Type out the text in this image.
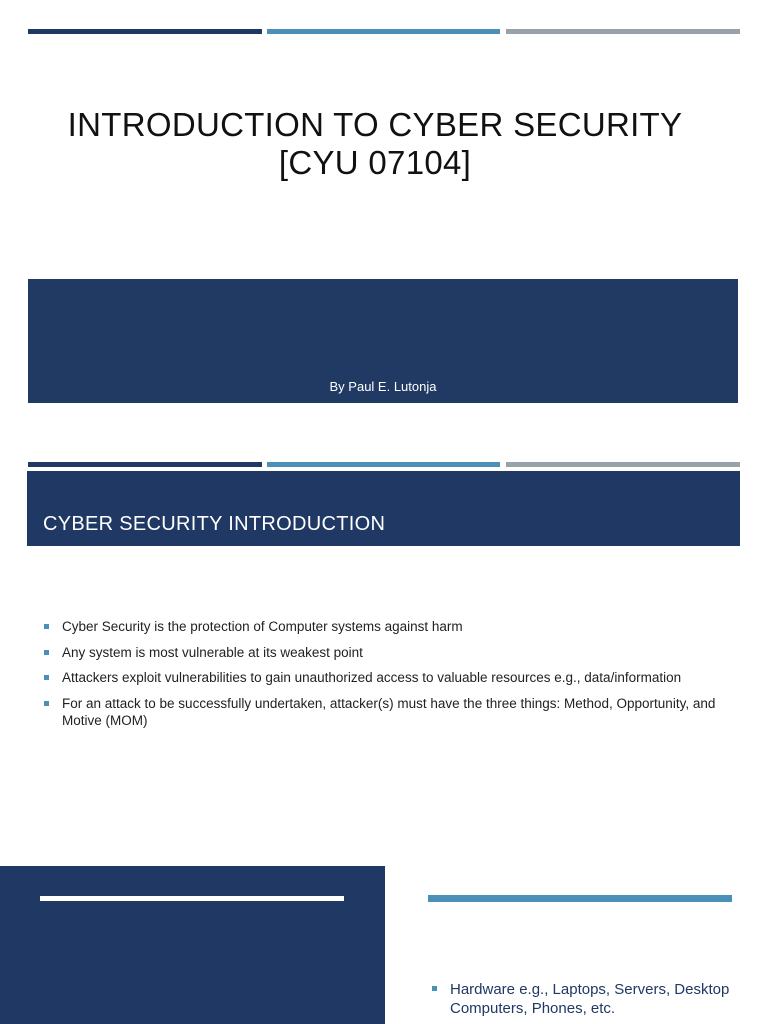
INTRODUCTION TO CYBER SECURITY
[CYU 07104]
By Paul E. Lutonja
CYBER SECURITY INTRODUCTION
Cyber Security is the protection of Computer systems against harm
Any system is most vulnerable at its weakest point
Attackers exploit vulnerabilities to gain unauthorized access to valuable resources e.g., data/information
For an attack to be successfully undertaken, attacker(s) must have the three things: Method, Opportunity, and Motive (MOM)
Hardware e.g., Laptops, Servers, Desktop Computers, Phones, etc.
